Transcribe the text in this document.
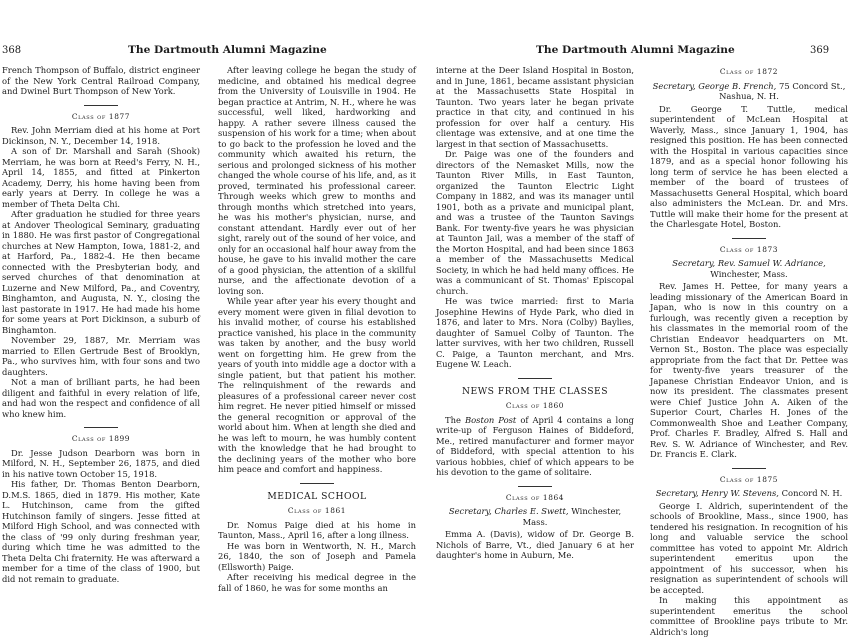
368	The Dartmouth Alumni Magazine

French Thompson of Buffalo, district engineer of the New York Central Railroad Company, and Dwinel Burt Thompson of New York.

Class of 1877

Rev. John Merriam died at his home at Port Dickinson, N. Y., December 14, 1918.

A son of Dr. Marshall and Sarah (Shook) Merriam, he was born at Reed's Ferry, N. H., April 14, 1855, and fitted at Pinkerton Academy, Derry, his home having been from early years at Derry. In college he was a member of Theta Delta Chi.

After graduation he studied for three years at Andover Theological Seminary, graduating in 1880. He was first pastor of Congregational churches at New Hampton, Iowa, 1881-2, and at Harford, Pa., 1882-4. He then became connected with the Presbyterian body, and served churches of that denomination at Luzerne and New Milford, Pa., and Coventry, Binghamton, and Augusta, N. Y., closing the last pastorate in 1917. He had made his home for some years at Port Dickinson, a suburb of Binghamton.

November 29, 1887, Mr. Merriam was married to Ellen Gertrude Best of Brooklyn, Pa., who survives him, with four sons and two daughters.

Not a man of brilliant parts, he had been diligent and faithful in every relation of life, and had won the respect and confidence of all who knew him.

Class of 1899

Dr. Jesse Judson Dearborn was born in Milford, N. H., September 26, 1875, and died in his native town October 15, 1918.

His father, Dr. Thomas Benton Dearborn, D.M.S. 1865, died in 1879. His mother, Kate L. Hutchinson, came from the gifted Hutchinson family of singers. Jesse fitted at Milford High School, and was connected with the class of '99 only during freshman year, during which time he was admitted to the Theta Delta Chi fraternity. He was afterward a member for a time of the class of 1900, but did not remain to graduate.

After leaving college he began the study of medicine, and obtained his medical degree from the University of Louisville in 1904. He began practice at Antrim, N. H., where he was successful, well liked, hardworking and happy. A rather severe illness caused the suspension of his work for a time; when about to go back to the profession he loved and the community which awaited his return, the serious and prolonged sickness of his mother changed the whole course of his life, and, as it proved, terminated his professional career. Through weeks which grew to months and through months which stretched into years, he was his mother's physician, nurse, and constant attendant. Hardly ever out of her sight, rarely out of the sound of her voice, and only for an occasional half hour away from the house, he gave to his invalid mother the care of a good physician, the attention of a skillful nurse, and the affectionate devotion of a loving son.

While year after year his every thought and every moment were given in filial devotion to his invalid mother, of course his established practice vanished, his place in the community was taken by another, and the busy world went on forgetting him. He grew from the years of youth into middle age a doctor with a single patient, but that patient his mother. The relinquishment of the rewards and pleasures of a professional career never cost him regret. He never pitied himself or missed the general recognition or approval of the world about him. When at length she died and he was left to mourn, he was humbly content with the knowledge that he had brought to the declining years of the mother who bore him peace and comfort and happiness.

MEDICAL SCHOOL
Class of 1861

Dr. Nomus Paige died at his home in Taunton, Mass., April 16, after a long illness.

He was born in Wentworth, N. H., March 26, 1840, the son of Joseph and Pamela (Ellsworth) Paige.

After receiving his medical degree in the fall of 1860, he was for some months an

The Dartmouth Alumni Magazine	369

interne at the Deer Island Hospital in Boston, and in June, 1861, became assistant physician at the Massachusetts State Hospital in Taunton. Two years later he began private practice in that city, and continued in his profession for over half a century. His clientage was extensive, and at one time the largest in that section of Massachusetts.

Dr. Paige was one of the founders and directors of the Nemasket Mills, now the Taunton River Mills, in East Taunton, organized the Taunton Electric Light Company in 1882, and was its manager until 1901, both as a private and municipal plant, and was a trustee of the Taunton Savings Bank. For twenty-five years he was physician at Taunton Jail, was a member of the staff of the Morton Hospital, and had been since 1863 a member of the Massachusetts Medical Society, in which he had held many offices. He was a communicant of St. Thomas' Episcopal church.

He was twice married: first to Maria Josephine Hewins of Hyde Park, who died in 1876, and later to Mrs. Nora (Colby) Baylies, daughter of Samuel Colby of Taunton. The latter survives, with her two children, Russell C. Paige, a Taunton merchant, and Mrs. Eugene W. Leach.

NEWS FROM THE CLASSES
Class of 1860

The Boston Post of April 4 contains a long write-up of Ferguson Haines of Biddeford, Me., retired manufacturer and former mayor of Biddeford, with special attention to his various hobbies, chief of which appears to be his devotion to the game of solitaire.

Class of 1864
Secretary, Charles E. Swett, Winchester, Mass.

Emma A. (Davis), widow of Dr. George B. Nichols of Barre, Vt., died January 6 at her daughter's home in Auburn, Me.

Class of 1872
Secretary, George B. French, 75 Concord St., Nashua, N. H.

Dr. George T. Tuttle, medical superintendent of McLean Hospital at Waverly, Mass., since January 1, 1904, has resigned this position. He has been connected with the Hospital in various capacities since 1879, and as a special honor following his long term of service he has been elected a member of the board of trustees of Massachusetts General Hospital, which board also administers the McLean. Dr. and Mrs. Tuttle will make their home for the present at the Charlesgate Hotel, Boston.

Class of 1873
Secretary, Rev. Samuel W. Adriance, Winchester, Mass.

Rev. James H. Pettee, for many years a leading missionary of the American Board in Japan, who is now in this country on a furlough, was recently given a reception by his classmates in the memorial room of the Christian Endeavor headquarters on Mt. Vernon St., Boston. The place was especially appropriate from the fact that Dr. Pettee was for twenty-five years treasurer of the Japanese Christian Endeavor Union, and is now its president. The classmates present were Chief Justice John A. Aiken of the Superior Court, Charles H. Jones of the Commonwealth Shoe and Leather Company, Prof. Charles F. Bradley, Alfred S. Hall and Rev. S. W. Adriance of Winchester, and Rev. Dr. Francis E. Clark.

Class of 1875
Secretary, Henry W. Stevens, Concord N. H.

George I. Aldrich, superintendent of the schools of Brookline, Mass., since 1900, has tendered his resignation. In recognition of his long and valuable service the school committee has voted to appoint Mr. Aldrich superintendent emeritus upon the appointment of his successor, when his resignation as superintendent of schools will be accepted.

In making this appointment as superintendent emeritus the school committee of Brookline pays tribute to Mr. Aldrich's long
